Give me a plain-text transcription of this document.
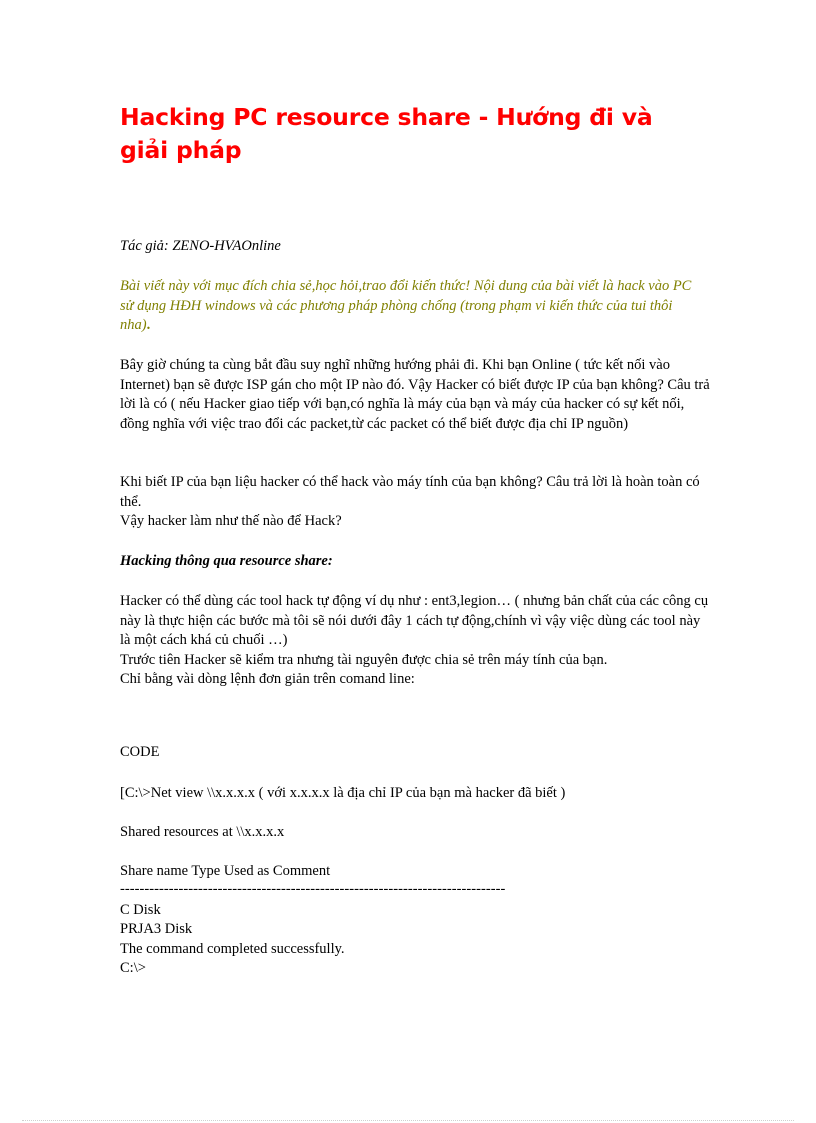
Hacking PC resource share - Hướng đi và giải pháp

Tác giả: ZENO-HVAOnline

Bài viết này với mục đích chia sẻ,học hỏi,trao đổi kiến thức! Nội dung của bài viết là hack vào PC sử dụng HĐH windows và các phương pháp phòng chống (trong phạm vi kiến thức của tui thôi nha).

Bây giờ chúng ta cùng bắt đầu suy nghĩ những hướng phải đi. Khi bạn Online ( tức kết nối vào Internet) bạn sẽ được ISP gán cho một IP nào đó. Vậy Hacker có biết được IP của bạn không? Câu trả lời là có ( nếu Hacker giao tiếp với bạn,có nghĩa là máy của bạn và máy của hacker có sự kết nối, đồng nghĩa với việc trao đổi các packet,từ các packet có thể biết được địa chỉ IP nguồn)

Khi biết IP của bạn liệu hacker có thể hack vào máy tính của bạn không? Câu trả lời là hoàn toàn có thể.
Vậy hacker làm như thế nào để Hack?

Hacking thông qua resource share:

Hacker có thể dùng các tool hack tự động ví dụ như : ent3,legion… ( nhưng bản chất của các công cụ này là thực hiện các bước mà tôi sẽ nói dưới đây 1 cách tự động,chính vì vậy việc dùng các tool này là một cách khá củ chuối …)
Trước tiên Hacker sẽ kiểm tra nhưng tài nguyên được chia sẻ trên máy tính của bạn.
Chỉ bằng vài dòng lệnh đơn giản trên comand line:

CODE

[C:\>Net view \\x.x.x.x ( với x.x.x.x là địa chỉ IP của bạn mà hacker đã biết )

Shared resources at \\x.x.x.x

Share name Type Used as Comment

-------------------------------------------------------------------------------

C Disk

PRJA3 Disk

The command completed successfully.

C:\>
